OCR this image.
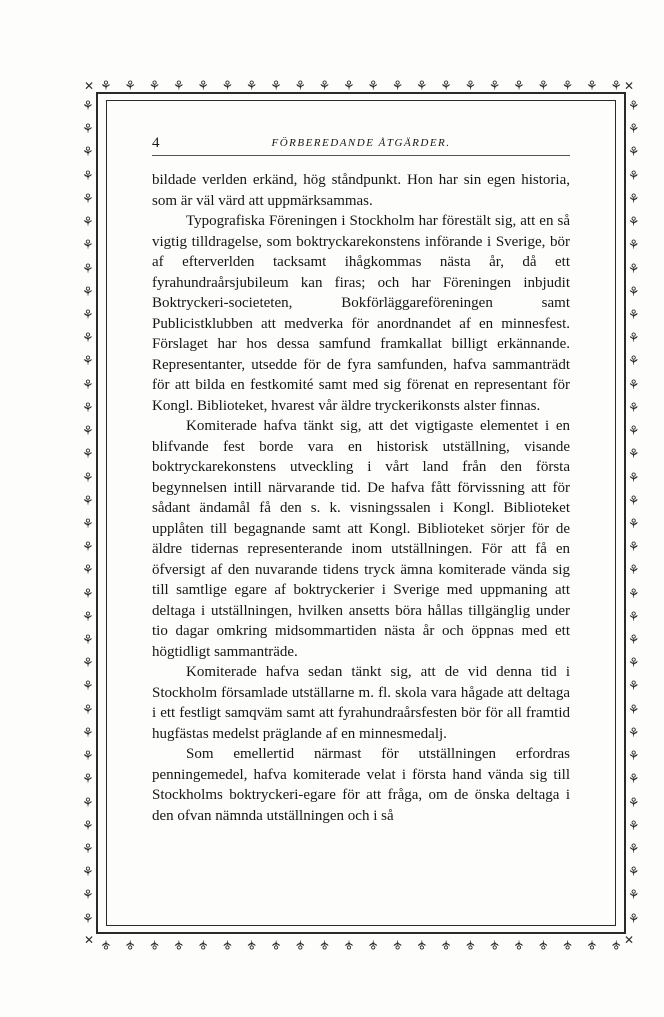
⚘ ⚘ ⚘ ⚘ ⚘ ⚘ ⚘ ⚘ ⚘ ⚘ ⚘ ⚘ ⚘ ⚘ ⚘ ⚘ ⚘ ⚘ ⚘ ⚘ ⚘ ⚘
⚘ ⚘ ⚘ ⚘ ⚘ ⚘ ⚘ ⚘ ⚘ ⚘ ⚘ ⚘ ⚘ ⚘ ⚘ ⚘ ⚘ ⚘ ⚘ ⚘ ⚘ ⚘
⚘
⚘
⚘
⚘
⚘
⚘
⚘
⚘
⚘
⚘
⚘
⚘
⚘
⚘
⚘
⚘
⚘
⚘
⚘
⚘
⚘
⚘
⚘
⚘
⚘
⚘
⚘
⚘
⚘
⚘
⚘
⚘
⚘
⚘
⚘
⚘
⚘
⚘
⚘
⚘
⚘
⚘
⚘
⚘
⚘
⚘
⚘
⚘
⚘
⚘
⚘
⚘
⚘
⚘
⚘
⚘
⚘
⚘
⚘
⚘
⚘
⚘
⚘
⚘
⚘
⚘
⚘
⚘
⚘
⚘
⚘
⚘
✕	✕
✕	✕
4	FÖRBEREDANDE ÅTGÄRDER.

bildade verlden erkänd, hög ståndpunkt. Hon har sin egen historia, som är väl värd att uppmärksammas.

Typografiska Föreningen i Stockholm har förestält sig, att en så vigtig tilldragelse, som boktryckarekonstens införande i Sverige, bör af efterverlden tacksamt ihågkommas nästa år, då ett fyrahundraårsjubileum kan firas; och har Föreningen inbjudit Boktryckeri-societeten, Bokförläggareföreningen samt Publicistklubben att medverka för anordnandet af en minnesfest. Förslaget har hos dessa samfund framkallat billigt erkännande. Representanter, utsedde för de fyra samfunden, hafva sammanträdt för att bilda en festkomité samt med sig förenat en representant för Kongl. Biblioteket, hvarest vår äldre tryckerikonsts alster finnas.

Komiterade hafva tänkt sig, att det vigtigaste elementet i en blifvande fest borde vara en historisk utställning, visande boktryckarekonstens utveckling i vårt land från den första begynnelsen intill närvarande tid. De hafva fått förvissning att för sådant ändamål få den s. k. visningssalen i Kongl. Biblioteket upplåten till begagnande samt att Kongl. Biblioteket sörjer för de äldre tidernas representerande inom utställningen. För att få en öfversigt af den nuvarande tidens tryck ämna komiterade vända sig till samtlige egare af boktryckerier i Sverige med uppmaning att deltaga i utställningen, hvilken ansetts böra hållas tillgänglig under tio dagar omkring midsommartiden nästa år och öppnas med ett högtidligt sammanträde.

Komiterade hafva sedan tänkt sig, att de vid denna tid i Stockholm församlade utställarne m. fl. skola vara hågade att deltaga i ett festligt samqväm samt att fyrahundraårsfesten bör för all framtid hugfästas medelst präglande af en minnesmedalj.

Som emellertid närmast för utställningen erfordras penningemedel, hafva komiterade velat i första hand vända sig till Stockholms boktryckeri-egare för att fråga, om de önska deltaga i den ofvan nämnda utställningen och i så
